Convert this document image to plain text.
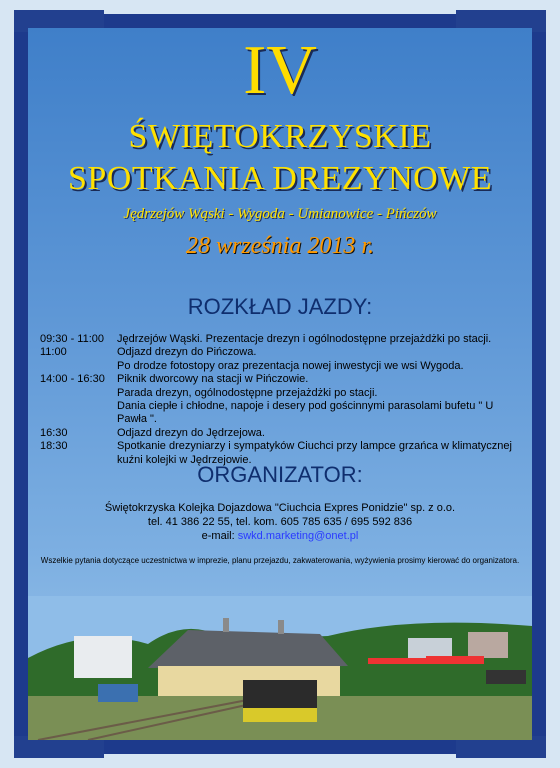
IV
ŚWIĘTOKRZYSKIE
SPOTKANIA DREZYNOWE
Jędrzejów Wąski - Wygoda - Umianowice - Pińczów
28 września 2013 r.
ROZKŁAD JAZDY:
09:30 - 11:00	Jędrzejów Wąski. Prezentacje drezyn i ogólnodostępne przejażdżki po stacji.
11:00	Odjazd drezyn do Pińczowa.
Po drodze fotostopy oraz prezentacja nowej inwestycji we wsi Wygoda.
14:00 - 16:30	Piknik dworcowy na stacji w Pińczowie.
Parada drezyn, ogólnodostępne przejażdżki po stacji.
Dania ciepłe i chłodne, napoje i desery pod gościnnymi parasolami bufetu " U Pawła ".
16:30	Odjazd drezyn do Jędrzejowa.
18:30	Spotkanie drezyniarzy i sympatyków Ciuchci przy lampce grzańca w klimatycznej
kuźni kolejki w Jędrzejowie.
ORGANIZATOR:
Świętokrzyska Kolejka Dojazdowa "Ciuchcia Expres Ponidzie" sp. z o.o.
tel. 41 386 22 55, tel. kom. 605 785 635 / 695 592 836
e-mail: swkd.marketing@onet.pl
Wszelkie pytania dotyczące uczestnictwa w imprezie, planu przejazdu, zakwaterowania, wyżywienia prosimy kierować do organizatora.
